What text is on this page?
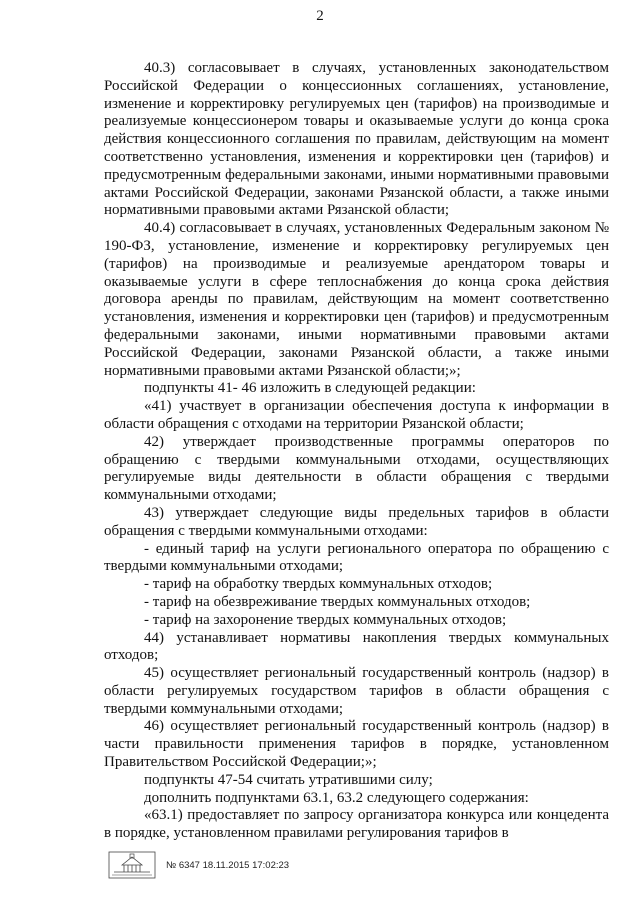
2

40.3) согласовывает в случаях, установленных законодательством Российской Федерации о концессионных соглашениях, установление, изменение и корректировку регулируемых цен (тарифов) на производимые и реализуемые концессионером товары и оказываемые услуги до конца срока действия концессионного соглашения по правилам, действующим на момент соответственно установления, изменения и корректировки цен (тарифов) и предусмотренным федеральными законами, иными нормативными правовыми актами Российской Федерации, законами Рязанской области, а также иными нормативными правовыми актами Рязанской области;

40.4) согласовывает в случаях, установленных Федеральным законом № 190-ФЗ, установление, изменение и корректировку регулируемых цен (тарифов) на производимые и реализуемые арендатором товары и оказываемые услуги в сфере теплоснабжения до конца срока действия договора аренды по правилам, действующим на момент соответственно установления, изменения и корректировки цен (тарифов) и предусмотренным федеральными законами, иными нормативными правовыми актами Российской Федерации, законами Рязанской области, а также иными нормативными правовыми актами Рязанской области;»;

подпункты 41- 46 изложить в следующей редакции:

«41) участвует в организации обеспечения доступа к информации в области обращения с отходами на территории Рязанской области;

42) утверждает производственные программы операторов по обращению с твердыми коммунальными отходами, осуществляющих регулируемые виды деятельности в области обращения с твердыми коммунальными отходами;

43) утверждает следующие виды предельных тарифов в области обращения с твердыми коммунальными отходами:

- единый тариф на услуги регионального оператора по обращению с твердыми коммунальными отходами;

- тариф на обработку твердых коммунальных отходов;

- тариф на обезвреживание твердых коммунальных отходов;

- тариф на захоронение твердых коммунальных отходов;

44) устанавливает нормативы накопления твердых коммунальных отходов;

45) осуществляет региональный государственный контроль (надзор) в области регулируемых государством тарифов в области обращения с твердыми коммунальными отходами;

46) осуществляет региональный государственный контроль (надзор) в части правильности применения тарифов в порядке, установленном Правительством Российской Федерации;»;

подпункты 47-54 считать утратившими силу;

дополнить подпунктами 63.1, 63.2 следующего содержания:

«63.1) предоставляет по запросу организатора конкурса или концедента в порядке, установленном правилами регулирования тарифов в

№ 6347 18.11.2015 17:02:23
